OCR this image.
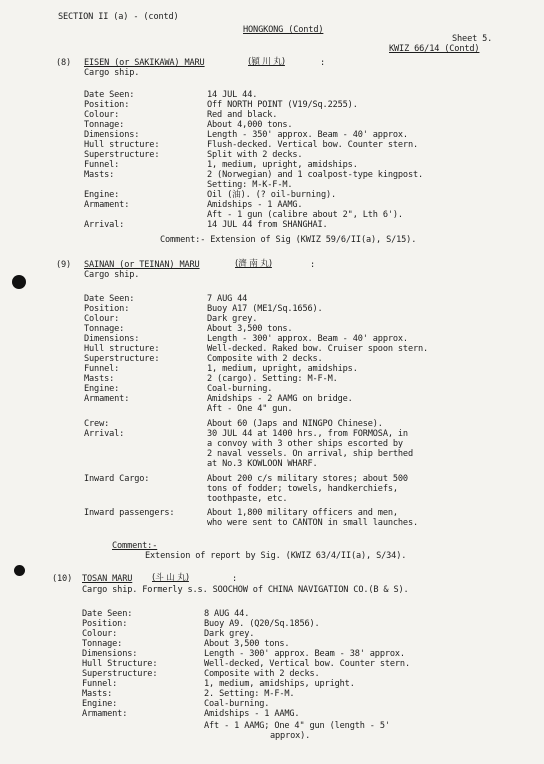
SECTION II (a) - (contd)
HONGKONG (Contd)
Sheet 5.
KWIZ 66/14 (Contd)
(8) EISEN (or SAKIKAWA) MARU	(潁 川 丸)	:
Cargo ship.
Date Seen:	14 JUL 44.
Position:	Off NORTH POINT (V19/Sq.2255).
Colour:	Red and black.
Tonnage:	About 4,000 tons.
Dimensions:	Length - 350' approx. Beam - 40' approx.
Hull structure:	Flush-decked. Vertical bow. Counter stern.
Superstructure:	Split with 2 decks.
Funnel:	1, medium, upright, amidships.
Masts:	2 (Norwegian) and 1 coalpost-type kingpost.
Setting: M-K-F-M.
Engine:	Oil (油). (? oil-burning).
Armament:	Amidships - 1 AAMG.
Aft - 1 gun (calibre about 2", Lth 6').
Arrival:	14 JUL 44 from SHANGHAI.
Comment:- Extension of Sig (KWIZ 59/6/II(a), S/15).
(9) SAINAN (or TEINAN) MARU	(濟 南 丸)	:
Cargo ship.
Date Seen:	7 AUG 44
Position:	Buoy A17 (ME1/Sq.1656).
Colour:	Dark grey.
Tonnage:	About 3,500 tons.
Dimensions:	Length - 300' approx. Beam - 40' approx.
Hull structure:	Well-decked. Raked bow. Cruiser spoon stern.
Superstructure:	Composite with 2 decks.
Funnel:	1, medium, upright, amidships.
Masts:	2 (cargo). Setting: M-F-M.
Engine:	Coal-burning.
Armament:	Amidships - 2 AAMG on bridge.
Aft - One 4" gun.
Crew:	About 60 (Japs and NINGPO Chinese).
Arrival:	30 JUL 44 at 1400 hrs., from FORMOSA, in
a convoy with 3 other ships escorted by
2 naval vessels. On arrival, ship berthed
at No.3 KOWLOON WHARF.
Inward Cargo:	About 200 c/s military stores; about 500
tons of fodder; towels, handkerchiefs,
toothpaste, etc.
Inward passengers:	About 1,800 military officers and men,
who were sent to CANTON in small launches.
Comment:-
Extension of report by Sig. (KWIZ 63/4/II(a), S/34).
(10) TOSAN MARU (斗 山 丸)	:
Cargo ship. Formerly s.s. SOOCHOW of CHINA NAVIGATION CO.(B & S).
Date Seen:	8 AUG 44.
Position:	Buoy A9. (Q20/Sq.1856).
Colour:	Dark grey.
Tonnage:	About 3,500 tons.
Dimensions:	Length - 300' approx. Beam - 38' approx.
Hull Structure:	Well-decked, Vertical bow. Counter stern.
Superstructure:	Composite with 2 decks.
Funnel:	1, medium, amidships, upright.
Masts:	2. Setting: M-F-M.
Engine:	Coal-burning.
Armament:	Amidships - 1 AAMG.
Aft - 1 AAMG; One 4" gun (length - 5'
approx).
